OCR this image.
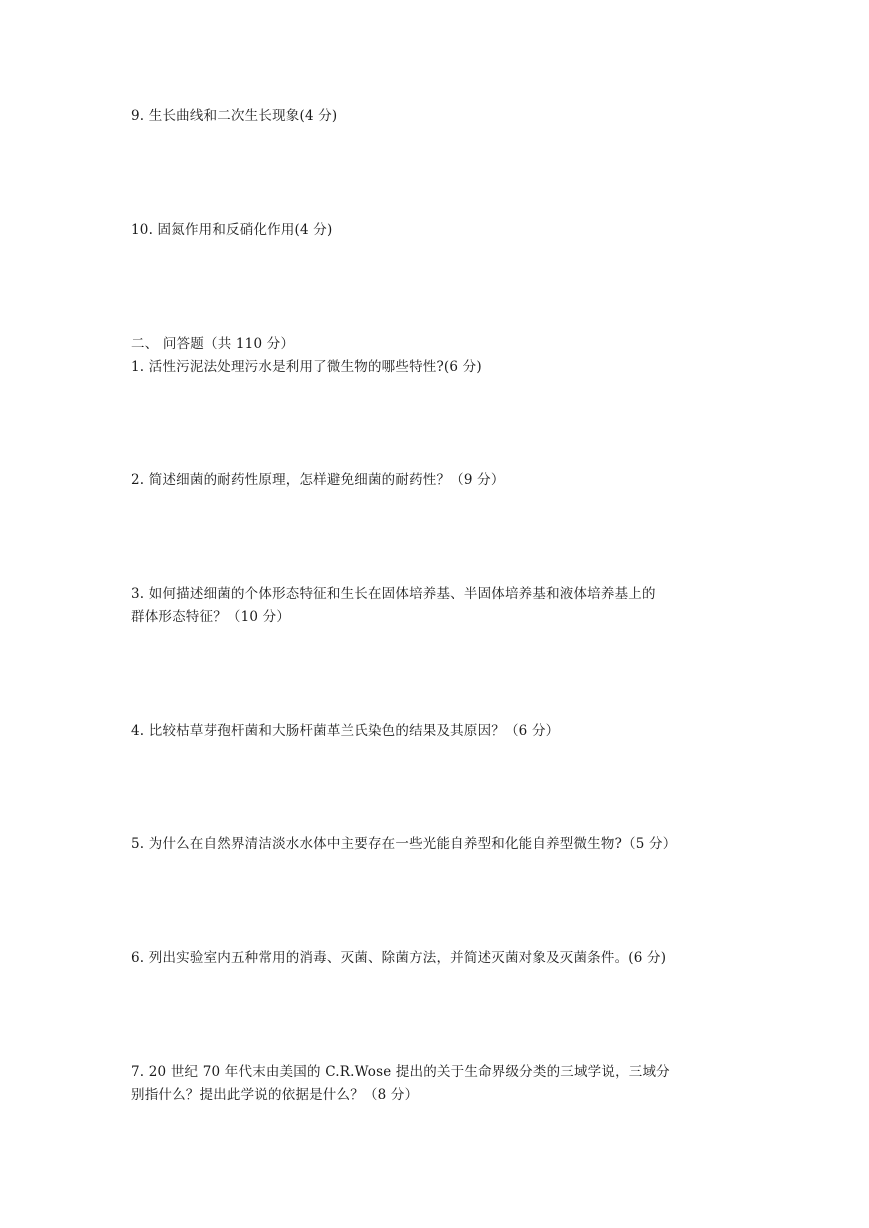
9. 生长曲线和二次生长现象(4 分)
10. 固氮作用和反硝化作用(4 分)
二、 问答题（共 110 分）
1. 活性污泥法处理污水是利用了微生物的哪些特性?(6 分)
2. 简述细菌的耐药性原理，怎样避免细菌的耐药性？（9 分）
3. 如何描述细菌的个体形态特征和生长在固体培养基、半固体培养基和液体培养基上的
群体形态特征？（10 分）
4. 比较枯草芽孢杆菌和大肠杆菌革兰氏染色的结果及其原因？（6 分）
5. 为什么在自然界清洁淡水水体中主要存在一些光能自养型和化能自养型微生物?（5 分）
6. 列出实验室内五种常用的消毒、灭菌、除菌方法，并简述灭菌对象及灭菌条件。(6 分)
7. 20 世纪 70 年代末由美国的 C.R.Wose 提出的关于生命界级分类的三域学说，三域分
别指什么？提出此学说的依据是什么？（8 分）
